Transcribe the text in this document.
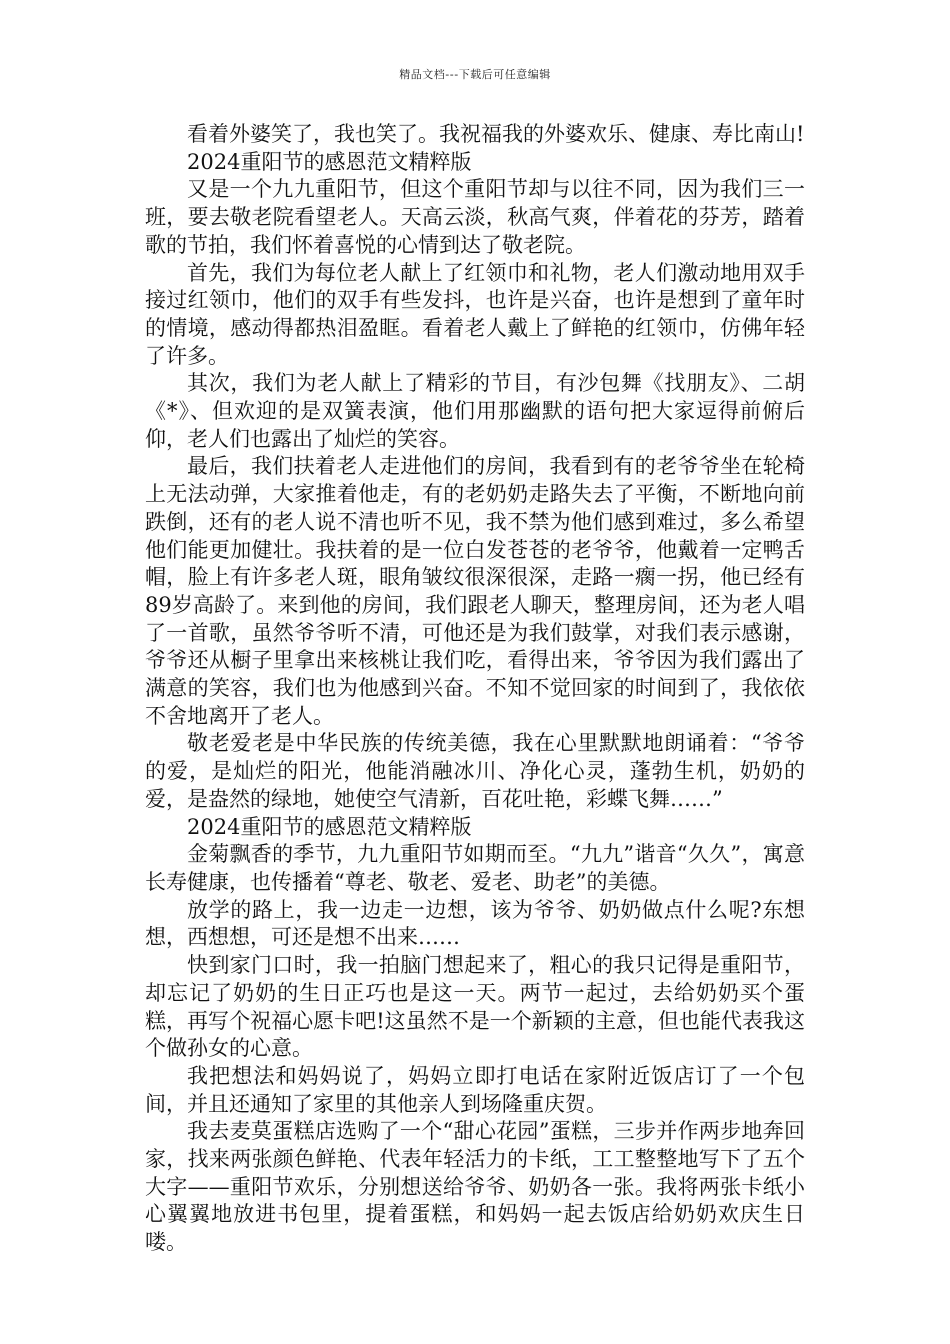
精品文档---下载后可任意编辑

看着外婆笑了，我也笑了。我祝福我的外婆欢乐、健康、寿比南山!

2024重阳节的感恩范文精粹版

又是一个九九重阳节，但这个重阳节却与以往不同，因为我们三一班，要去敬老院看望老人。天高云淡，秋高气爽，伴着花的芬芳，踏着歌的节拍，我们怀着喜悦的心情到达了敬老院。

首先，我们为每位老人献上了红领巾和礼物，老人们激动地用双手接过红领巾，他们的双手有些发抖，也许是兴奋，也许是想到了童年时的情境，感动得都热泪盈眶。看着老人戴上了鲜艳的红领巾，仿佛年轻了许多。

其次，我们为老人献上了精彩的节目，有沙包舞《找朋友》、二胡《*》、但欢迎的是双簧表演，他们用那幽默的语句把大家逗得前俯后仰，老人们也露出了灿烂的笑容。

最后，我们扶着老人走进他们的房间，我看到有的老爷爷坐在轮椅上无法动弹，大家推着他走，有的老奶奶走路失去了平衡，不断地向前跌倒，还有的老人说不清也听不见，我不禁为他们感到难过，多么希望他们能更加健壮。我扶着的是一位白发苍苍的老爷爷，他戴着一定鸭舌帽，脸上有许多老人斑，眼角皱纹很深很深，走路一瘸一拐，他已经有89岁高龄了。来到他的房间，我们跟老人聊天，整理房间，还为老人唱了一首歌，虽然爷爷听不清，可他还是为我们鼓掌，对我们表示感谢，爷爷还从橱子里拿出来核桃让我们吃，看得出来，爷爷因为我们露出了满意的笑容，我们也为他感到兴奋。不知不觉回家的时间到了，我依依不舍地离开了老人。

敬老爱老是中华民族的传统美德，我在心里默默地朗诵着：“爷爷的爱，是灿烂的阳光，他能消融冰川、净化心灵，蓬勃生机，奶奶的爱，是盎然的绿地，她使空气清新，百花吐艳，彩蝶飞舞……”

2024重阳节的感恩范文精粹版

金菊飘香的季节，九九重阳节如期而至。“九九”谐音“久久”，寓意长寿健康，也传播着“尊老、敬老、爱老、助老”的美德。

放学的路上，我一边走一边想，该为爷爷、奶奶做点什么呢?东想想，西想想，可还是想不出来……

快到家门口时，我一拍脑门想起来了，粗心的我只记得是重阳节，却忘记了奶奶的生日正巧也是这一天。两节一起过，去给奶奶买个蛋糕，再写个祝福心愿卡吧!这虽然不是一个新颖的主意，但也能代表我这个做孙女的心意。

我把想法和妈妈说了，妈妈立即打电话在家附近饭店订了一个包间，并且还通知了家里的其他亲人到场隆重庆贺。

我去麦莫蛋糕店选购了一个“甜心花园”蛋糕，三步并作两步地奔回家，找来两张颜色鲜艳、代表年轻活力的卡纸，工工整整地写下了五个大字——重阳节欢乐，分别想送给爷爷、奶奶各一张。我将两张卡纸小心翼翼地放进书包里，提着蛋糕，和妈妈一起去饭店给奶奶欢庆生日喽。
